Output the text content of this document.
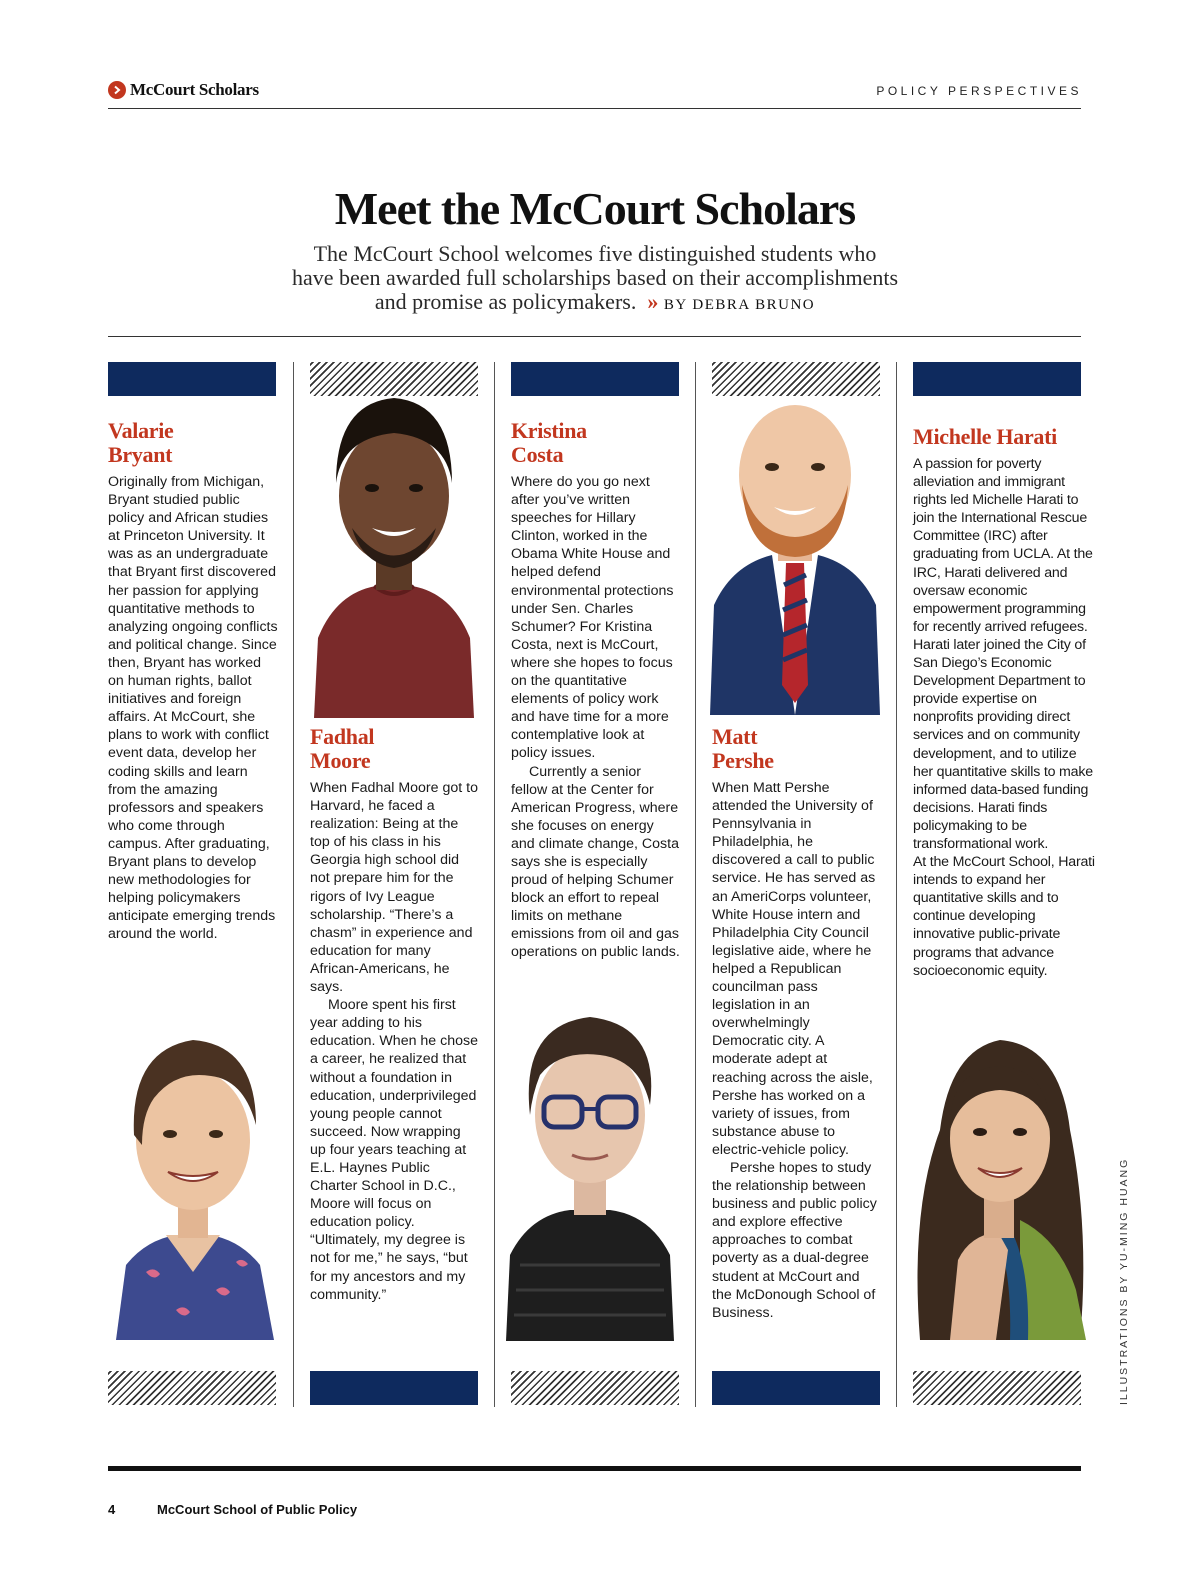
McCourt Scholars	POLICY PERSPECTIVES
Meet the McCourt Scholars
The McCourt School welcomes five distinguished students who
have been awarded full scholarships based on their accomplishments
and promise as policymakers. » BY DEBRA BRUNO
Valarie
Bryant

Originally from Michigan, Bryant studied public policy and African studies at Princeton University. It was as an undergraduate that Bryant first discovered her passion for applying quantitative methods to analyzing ongoing conflicts and political change. Since then, Bryant has worked on human rights, ballot initiatives and foreign affairs. At McCourt, she plans to work with conflict event data, develop her coding skills and learn from the amazing professors and speakers who come through campus. After graduating, Bryant plans to develop new methodologies for helping policymakers anticipate emerging trends around the world.

Fadhal
Moore

When Fadhal Moore got to Harvard, he faced a realization: Being at the top of his class in his Georgia high school did not prepare him for the rigors of Ivy League scholarship. “There’s a chasm” in experience and education for many African-Americans, he says.

Moore spent his first year adding to his education. When he chose a career, he realized that without a foundation in education, underprivileged young people cannot succeed. Now wrapping up four years teaching at E.L. Haynes Public Charter School in D.C., Moore will focus on education policy. “Ultimately, my degree is not for me,” he says, “but for my ancestors and my community.”

Kristina
Costa

Where do you go next after you’ve written speeches for Hillary Clinton, worked in the Obama White House and helped defend environmental protections under Sen. Charles Schumer? For Kristina Costa, next is McCourt, where she hopes to focus on the quantitative elements of policy work and have time for a more contemplative look at policy issues.

Currently a senior fellow at the Center for American Progress, where she focuses on energy and climate change, Costa says she is especially proud of helping Schumer block an effort to repeal limits on methane emissions from oil and gas operations on public lands.

Matt
Pershe

When Matt Pershe attended the University of Pennsylvania in Philadelphia, he discovered a call to public service. He has served as an AmeriCorps volunteer, White House intern and Philadelphia City Council legislative aide, where he helped a Republican councilman pass legislation in an overwhelmingly Democratic city. A moderate adept at reaching across the aisle, Pershe has worked on a variety of issues, from substance abuse to electric-vehicle policy.

Pershe hopes to study the relationship between business and public policy and explore effective approaches to combat poverty as a dual-degree student at McCourt and the McDonough School of Business.

Michelle Harati

A passion for poverty alleviation and immigrant rights led Michelle Harati to join the International Rescue Committee (IRC) after graduating from UCLA. At the IRC, Harati delivered and oversaw economic empowerment programming for recently arrived refugees. Harati later joined the City of San Diego’s Economic Development Department to provide expertise on nonprofits providing direct services and on community development, and to utilize her quantitative skills to make informed data-based funding decisions. Harati finds policymaking to be transformational work.

At the McCourt School, Harati intends to expand her quantitative skills and to continue developing innovative public-private programs that advance socioeconomic equity.

ILLUSTRATIONS BY YU-MING HUANG
4	McCourt School of Public Policy
